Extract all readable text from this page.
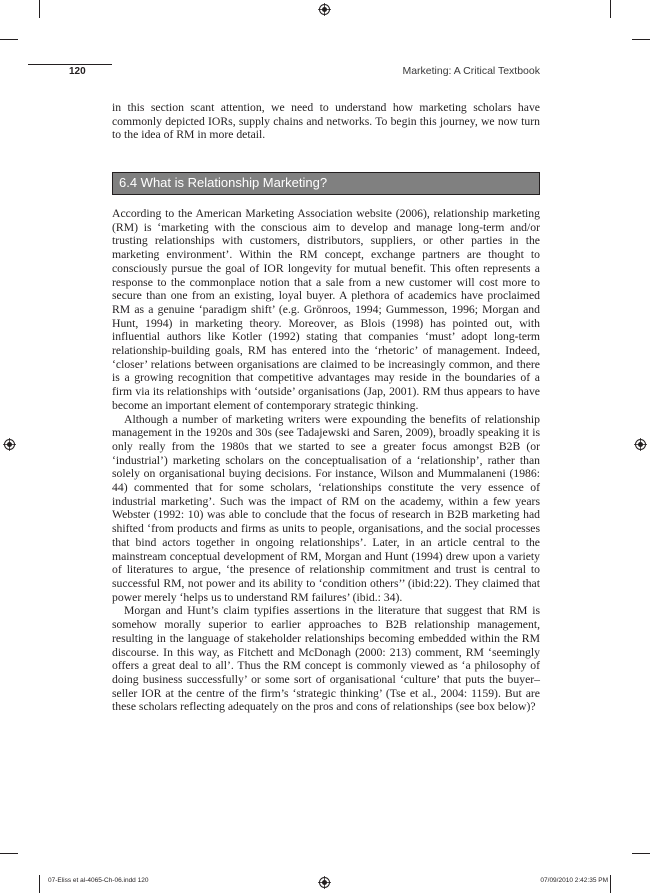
120	Marketing: A Critical Textbook

in this section scant attention, we need to understand how marketing scholars have commonly depicted IORs, supply chains and networks. To begin this journey, we now turn to the idea of RM in more detail.

6.4 What is Relationship Marketing?

According to the American Marketing Association website (2006), relationship marketing (RM) is ‘marketing with the conscious aim to develop and manage long-term and/or trusting relationships with customers, distributors, suppliers, or other parties in the marketing environment’. Within the RM concept, exchange partners are thought to consciously pursue the goal of IOR longevity for mutual benefit. This often represents a response to the commonplace notion that a sale from a new customer will cost more to secure than one from an existing, loyal buyer. A plethora of academics have proclaimed RM as a genuine ‘paradigm shift’ (e.g. Grönroos, 1994; Gummesson, 1996; Morgan and Hunt, 1994) in marketing theory. Moreover, as Blois (1998) has pointed out, with influential authors like Kotler (1992) stating that companies ‘must’ adopt long-term relationship-building goals, RM has entered into the ‘rhetoric’ of management. Indeed, ‘closer’ relations between organisations are claimed to be increasingly common, and there is a growing recognition that competitive advantages may reside in the boundaries of a firm via its relationships with ‘outside’ organisations (Jap, 2001). RM thus appears to have become an important element of contemporary strategic thinking.

Although a number of marketing writers were expounding the benefits of relationship management in the 1920s and 30s (see Tadajewski and Saren, 2009), broadly speaking it is only really from the 1980s that we started to see a greater focus amongst B2B (or ‘industrial’) marketing scholars on the conceptualisation of a ‘relationship’, rather than solely on organisational buying decisions. For instance, Wilson and Mummalaneni (1986: 44) commented that for some scholars, ‘relationships constitute the very essence of industrial marketing’. Such was the impact of RM on the academy, within a few years Webster (1992: 10) was able to conclude that the focus of research in B2B marketing had shifted ‘from products and firms as units to people, organisations, and the social processes that bind actors together in ongoing relationships’. Later, in an article central to the mainstream conceptual development of RM, Morgan and Hunt (1994) drew upon a variety of literatures to argue, ‘the presence of relationship commitment and trust is central to successful RM, not power and its ability to ‘condition others’’ (ibid:22). They claimed that power merely ‘helps us to understand RM failures’ (ibid.: 34).

Morgan and Hunt’s claim typifies assertions in the literature that suggest that RM is somehow morally superior to earlier approaches to B2B relationship management, resulting in the language of stakeholder relationships becoming embedded within the RM discourse. In this way, as Fitchett and McDonagh (2000: 213) comment, RM ‘seemingly offers a great deal to all’. Thus the RM concept is commonly viewed as ‘a philosophy of doing business successfully’ or some sort of organisational ‘culture’ that puts the buyer–seller IOR at the centre of the firm’s ‘strategic thinking’ (Tse et al., 2004: 1159). But are these scholars reflecting adequately on the pros and cons of relationships (see box below)?

07-Eliss et al-4065-Ch-06.indd 120	07/09/2010 2:42:35 PM
